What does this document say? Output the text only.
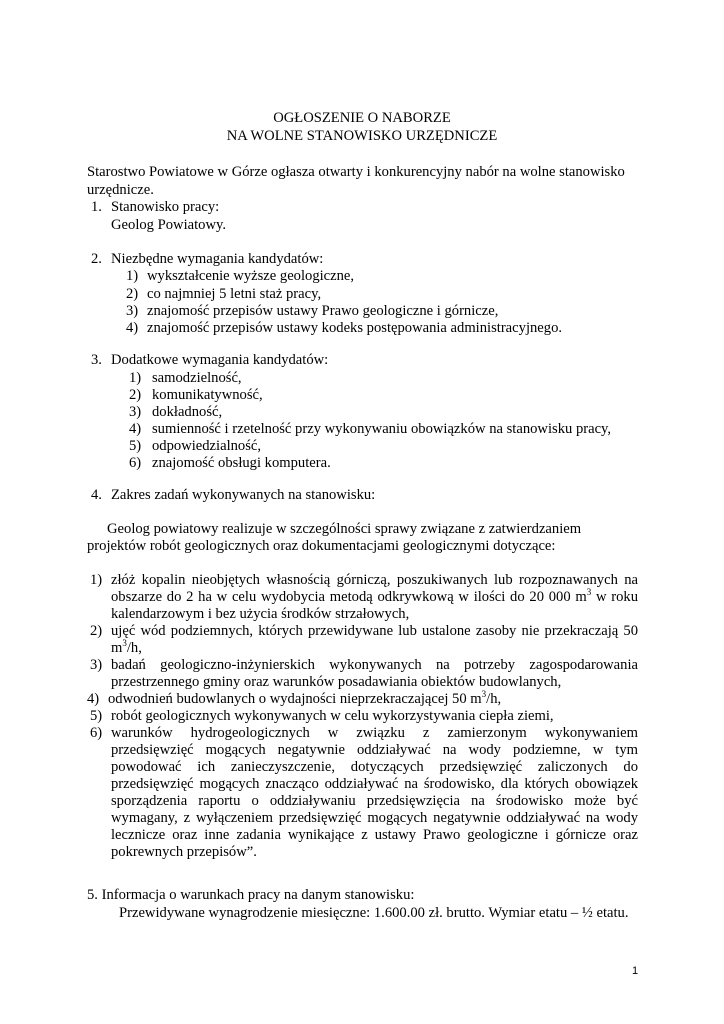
OGŁOSZENIE O NABORZE
NA WOLNE STANOWISKO URZĘDNICZE
Starostwo Powiatowe w Górze ogłasza otwarty i konkurencyjny nabór na wolne stanowisko
urzędnicze.
1. Stanowisko pracy:
Geolog Powiatowy.
2. Niezbędne wymagania kandydatów:
1) wykształcenie wyższe geologiczne,
2) co najmniej 5 letni staż pracy,
3) znajomość przepisów ustawy Prawo geologiczne i górnicze,
4) znajomość przepisów ustawy kodeks postępowania administracyjnego.
3. Dodatkowe wymagania kandydatów:
1) samodzielność,
2) komunikatywność,
3) dokładność,
4) sumienność i rzetelność przy wykonywaniu obowiązków na stanowisku pracy,
5) odpowiedzialność,
6) znajomość obsługi komputera.
4. Zakres zadań wykonywanych na stanowisku:
Geolog powiatowy realizuje w szczególności sprawy związane z zatwierdzaniem
projektów robót geologicznych oraz dokumentacjami geologicznymi dotyczące:
1) złóż kopalin nieobjętych własnością górniczą, poszukiwanych lub rozpoznawanych na
obszarze do 2 ha w celu wydobycia metodą odkrywkową w ilości do 20 000 $m^3$ w roku
kalendarzowym i bez użycia środków strzałowych,
2) ujęć wód podziemnych, których przewidywane lub ustalone zasoby nie przekraczają 50
$m^3/h$,
3) badań geologiczno-inżynierskich wykonywanych na potrzeby zagospodarowania
przestrzennego gminy oraz warunków posadawiania obiektów budowlanych,
4) odwodnień budowlanych o wydajności nieprzekraczającej 50 $m^3/h$,
5) robót geologicznych wykonywanych w celu wykorzystywania ciepła ziemi,
6) warunków hydrogeologicznych w związku z zamierzonym wykonywaniem
przedsięwzięć mogących negatywnie oddziaływać na wody podziemne, w tym
powodować ich zanieczyszczenie, dotyczących przedsięwzięć zaliczonych do
przedsięwzięć mogących znacząco oddziaływać na środowisko, dla których obowiązek
sporządzenia raportu o oddziaływaniu przedsięwzięcia na środowisko może być
wymagany, z wyłączeniem przedsięwzięć mogących negatywnie oddziaływać na wody
lecznicze oraz inne zadania wynikające z ustawy Prawo geologiczne i górnicze oraz
pokrewnych przepisów”.
5. Informacja o warunkach pracy na danym stanowisku:
Przewidywane wynagrodzenie miesięczne: 1.600.00 zł. brutto. Wymiar etatu – ½ etatu.
1
